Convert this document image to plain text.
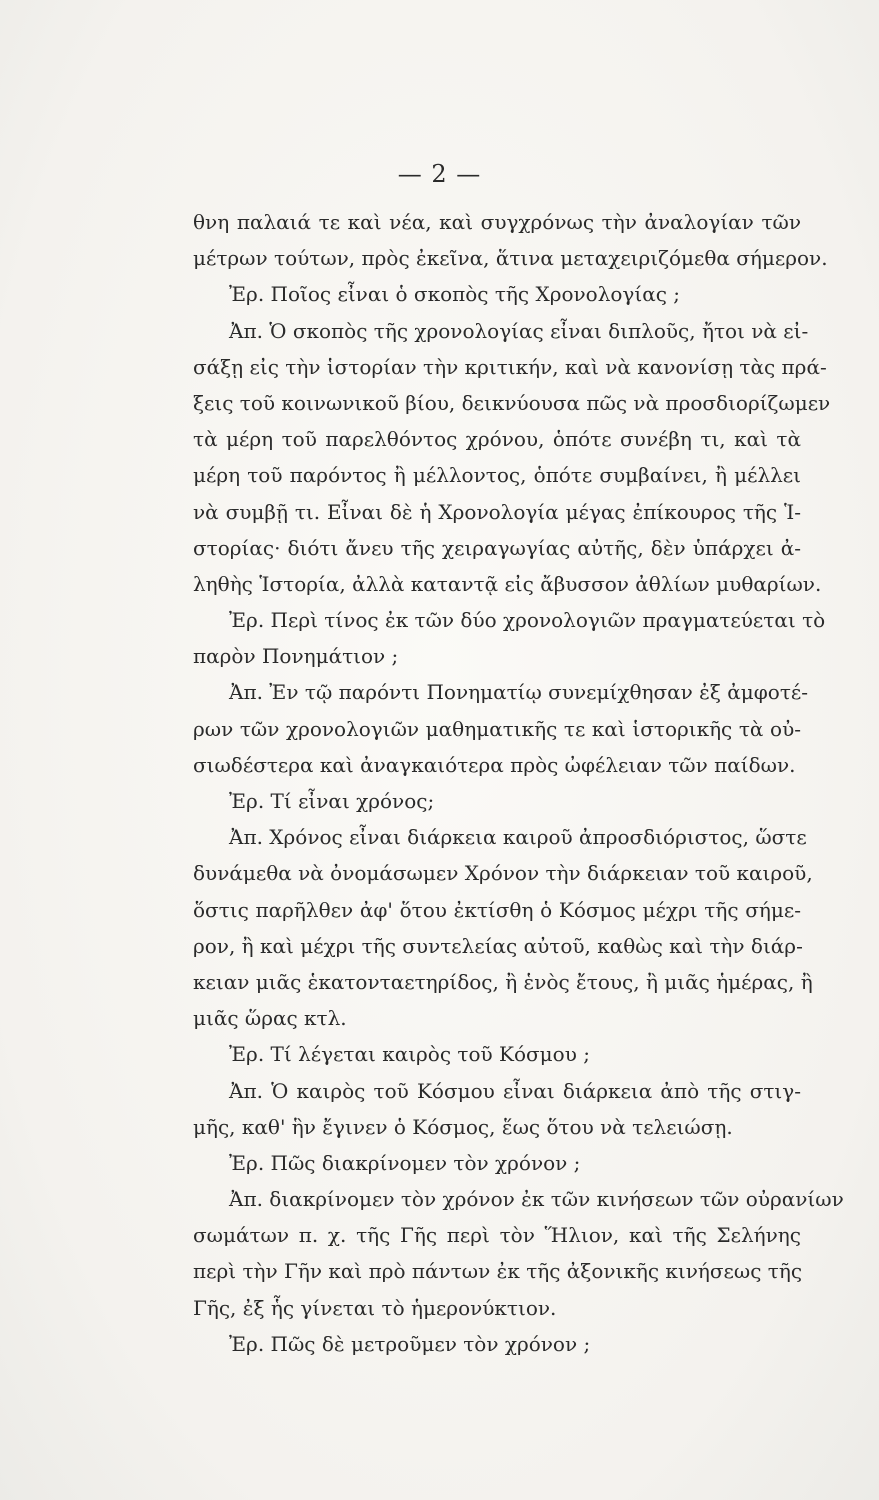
— 2 —
θνη παλαιά τε καὶ νέα, καὶ συγχρόνως τὴν ἀναλογίαν τῶν
μέτρων τούτων, πρὸς ἐκεῖνα, ἅτινα μεταχειριζόμεθα σήμερον.
Ἐρ. Ποῖος εἶναι ὁ σκοπὸς τῆς Χρονολογίας ;
Ἀπ. Ὁ σκοπὸς τῆς χρονολογίας εἶναι διπλοῦς, ἤτοι νὰ εἰ-
σάξῃ εἰς τὴν ἱστορίαν τὴν κριτικήν, καὶ νὰ κανονίσῃ τὰς πρά-
ξεις τοῦ κοινωνικοῦ βίου, δεικνύουσα πῶς νὰ προσδιορίζωμεν
τὰ μέρη τοῦ παρελθόντος χρόνου, ὁπότε συνέβη τι, καὶ τὰ
μέρη τοῦ παρόντος ἢ μέλλοντος, ὁπότε συμβαίνει, ἢ μέλλει
νὰ συμβῇ τι. Εἶναι δὲ ἡ Χρονολογία μέγας ἐπίκουρος τῆς Ἱ-
στορίας· διότι ἄνευ τῆς χειραγωγίας αὐτῆς, δὲν ὑπάρχει ἀ-
ληθὴς Ἱστορία, ἀλλὰ καταντᾷ εἰς ἄβυσσον ἀθλίων μυθαρίων.
Ἐρ. Περὶ τίνος ἐκ τῶν δύο χρονολογιῶν πραγματεύεται τὸ
παρὸν Πονημάτιον ;
Ἀπ. Ἐν τῷ παρόντι Πονηματίῳ συνεμίχθησαν ἐξ ἀμφοτέ-
ρων τῶν χρονολογιῶν μαθηματικῆς τε καὶ ἱστορικῆς τὰ οὐ-
σιωδέστερα καὶ ἀναγκαιότερα πρὸς ὠφέλειαν τῶν παίδων.
Ἐρ. Τί εἶναι χρόνος;
Ἀπ. Χρόνος εἶναι διάρκεια καιροῦ ἀπροσδιόριστος, ὥστε
δυνάμεθα νὰ ὀνομάσωμεν Χρόνον τὴν διάρκειαν τοῦ καιροῦ,
ὅστις παρῆλθεν ἀφ' ὅτου ἐκτίσθη ὁ Κόσμος μέχρι τῆς σήμε-
ρον, ἢ καὶ μέχρι τῆς συντελείας αὐτοῦ, καθὼς καὶ τὴν διάρ-
κειαν μιᾶς ἑκατονταετηρίδος, ἢ ἑνὸς ἔτους, ἢ μιᾶς ἡμέρας, ἢ
μιᾶς ὥρας κτλ.
Ἐρ. Τί λέγεται καιρὸς τοῦ Κόσμου ;
Ἀπ. Ὁ καιρὸς τοῦ Κόσμου εἶναι διάρκεια ἀπὸ τῆς στιγ-
μῆς, καθ' ἣν ἔγινεν ὁ Κόσμος, ἕως ὅτου νὰ τελειώσῃ.
Ἐρ. Πῶς διακρίνομεν τὸν χρόνον ;
Ἀπ. διακρίνομεν τὸν χρόνον ἐκ τῶν κινήσεων τῶν οὐρανίων
σωμάτων π. χ. τῆς Γῆς περὶ τὸν Ἥλιον, καὶ τῆς Σελήνης
περὶ τὴν Γῆν καὶ πρὸ πάντων ἐκ τῆς ἀξονικῆς κινήσεως τῆς
Γῆς, ἐξ ἧς γίνεται τὸ ἡμερονύκτιον.
Ἐρ. Πῶς δὲ μετροῦμεν τὸν χρόνον ;
